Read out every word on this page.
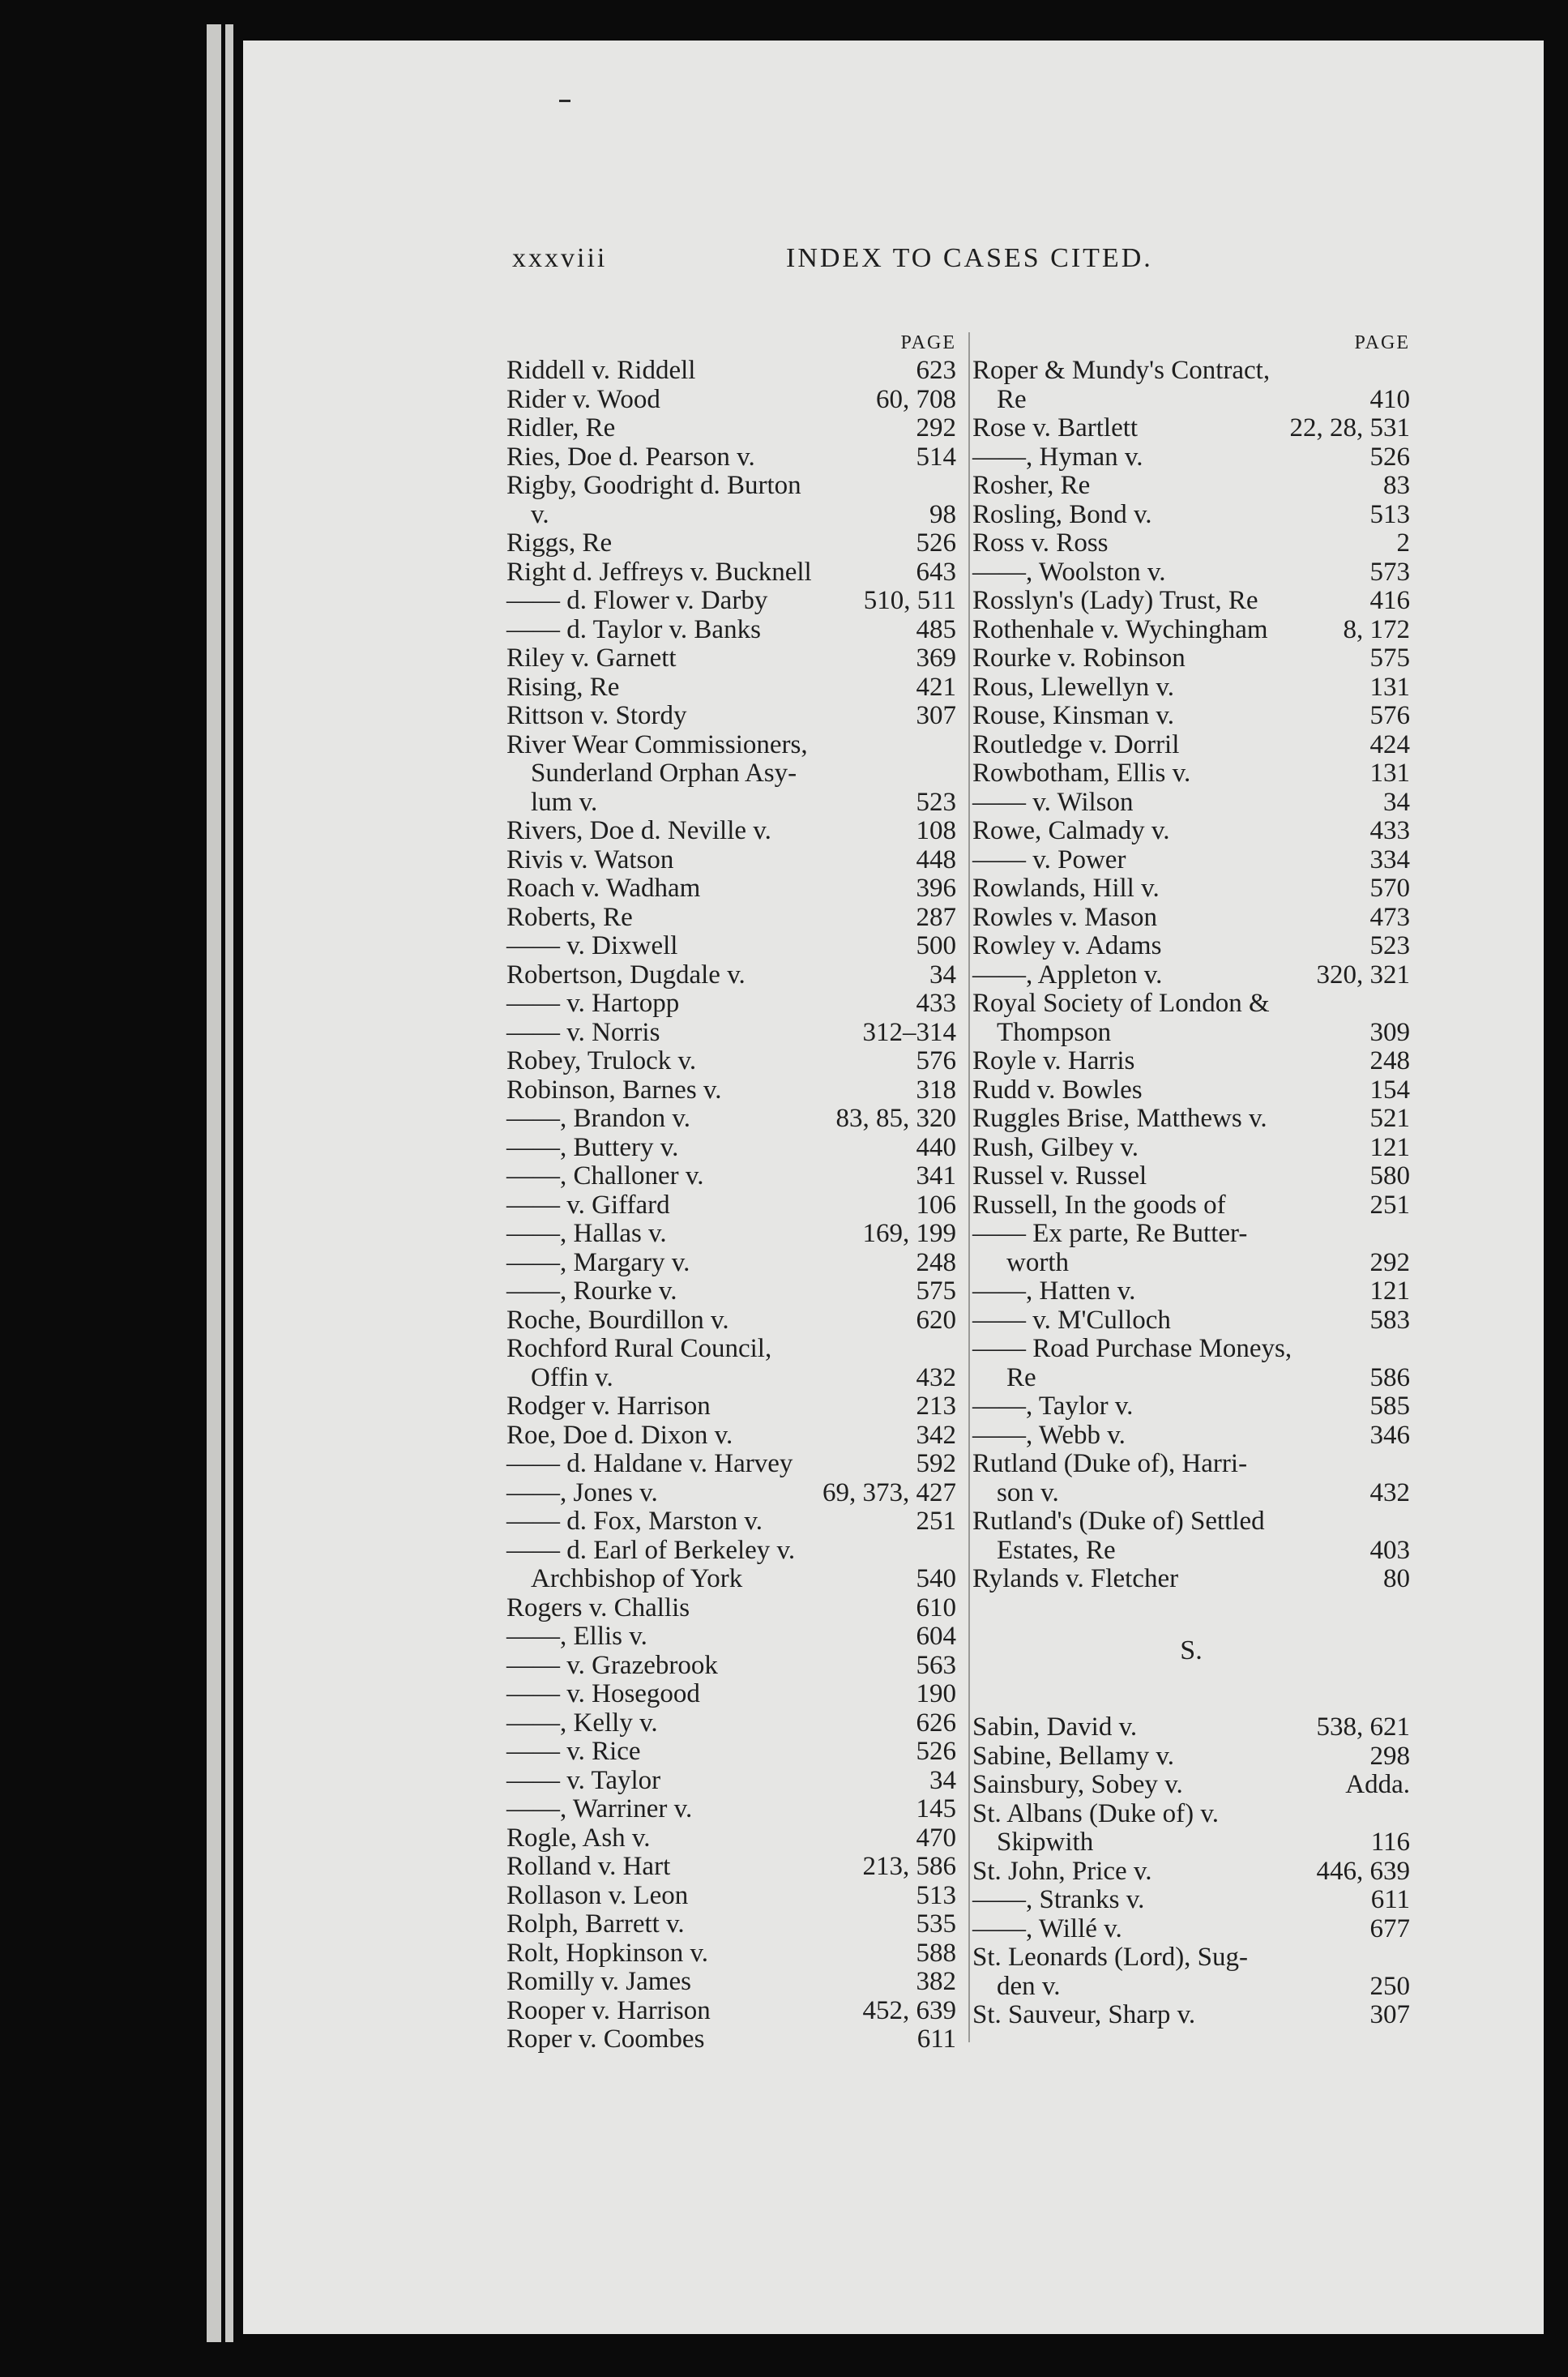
xxxviii	INDEX TO CASES CITED.
PAGE
Riddell v. Riddell	623
Rider v. Wood	60, 708
Ridler, Re	292
Ries, Doe d. Pearson v.	514
Rigby, Goodright d. Burton
v.	98
Riggs, Re	526
Right d. Jeffreys v. Bucknell	643
—— d. Flower v. Darby	510, 511
—— d. Taylor v. Banks	485
Riley v. Garnett	369
Rising, Re	421
Rittson v. Stordy	307
River Wear Commissioners,
Sunderland Orphan Asy-
lum v.	523
Rivers, Doe d. Neville v.	108
Rivis v. Watson	448
Roach v. Wadham	396
Roberts, Re	287
—— v. Dixwell	500
Robertson, Dugdale v.	34
—— v. Hartopp	433
—— v. Norris	312–314
Robey, Trulock v.	576
Robinson, Barnes v.	318
——, Brandon v.	83, 85, 320
——, Buttery v.	440
——, Challoner v.	341
—— v. Giffard	106
——, Hallas v.	169, 199
——, Margary v.	248
——, Rourke v.	575
Roche, Bourdillon v.	620
Rochford Rural Council,
Offin v.	432
Rodger v. Harrison	213
Roe, Doe d. Dixon v.	342
—— d. Haldane v. Harvey	592
——, Jones v.	69, 373, 427
—— d. Fox, Marston v.	251
—— d. Earl of Berkeley v.
Archbishop of York	540
Rogers v. Challis	610
——, Ellis v.	604
—— v. Grazebrook	563
—— v. Hosegood	190
——, Kelly v.	626
—— v. Rice	526
—— v. Taylor	34
——, Warriner v.	145
Rogle, Ash v.	470
Rolland v. Hart	213, 586
Rollason v. Leon	513
Rolph, Barrett v.	535
Rolt, Hopkinson v.	588
Romilly v. James	382
Rooper v. Harrison	452, 639
Roper v. Coombes	611
PAGE
Roper & Mundy's Contract,
Re	410
Rose v. Bartlett	22, 28, 531
——, Hyman v.	526
Rosher, Re	83
Rosling, Bond v.	513
Ross v. Ross	2
——, Woolston v.	573
Rosslyn's (Lady) Trust, Re	416
Rothenhale v. Wychingham	8, 172
Rourke v. Robinson	575
Rous, Llewellyn v.	131
Rouse, Kinsman v.	576
Routledge v. Dorril	424
Rowbotham, Ellis v.	131
—— v. Wilson	34
Rowe, Calmady v.	433
—— v. Power	334
Rowlands, Hill v.	570
Rowles v. Mason	473
Rowley v. Adams	523
——, Appleton v.	320, 321
Royal Society of London &
Thompson	309
Royle v. Harris	248
Rudd v. Bowles	154
Ruggles Brise, Matthews v.	521
Rush, Gilbey v.	121
Russel v. Russel	580
Russell, In the goods of	251
—— Ex parte, Re Butter-
worth	292
——, Hatten v.	121
—— v. M'Culloch	583
—— Road Purchase Moneys,
Re	586
——, Taylor v.	585
——, Webb v.	346
Rutland (Duke of), Harri-
son v.	432
Rutland's (Duke of) Settled
Estates, Re	403
Rylands v. Fletcher	80
S.
Sabin, David v.	538, 621
Sabine, Bellamy v.	298
Sainsbury, Sobey v.	Adda.
St. Albans (Duke of) v.
Skipwith	116
St. John, Price v.	446, 639
——, Stranks v.	611
——, Willé v.	677
St. Leonards (Lord), Sug-
den v.	250
St. Sauveur, Sharp v.	307
